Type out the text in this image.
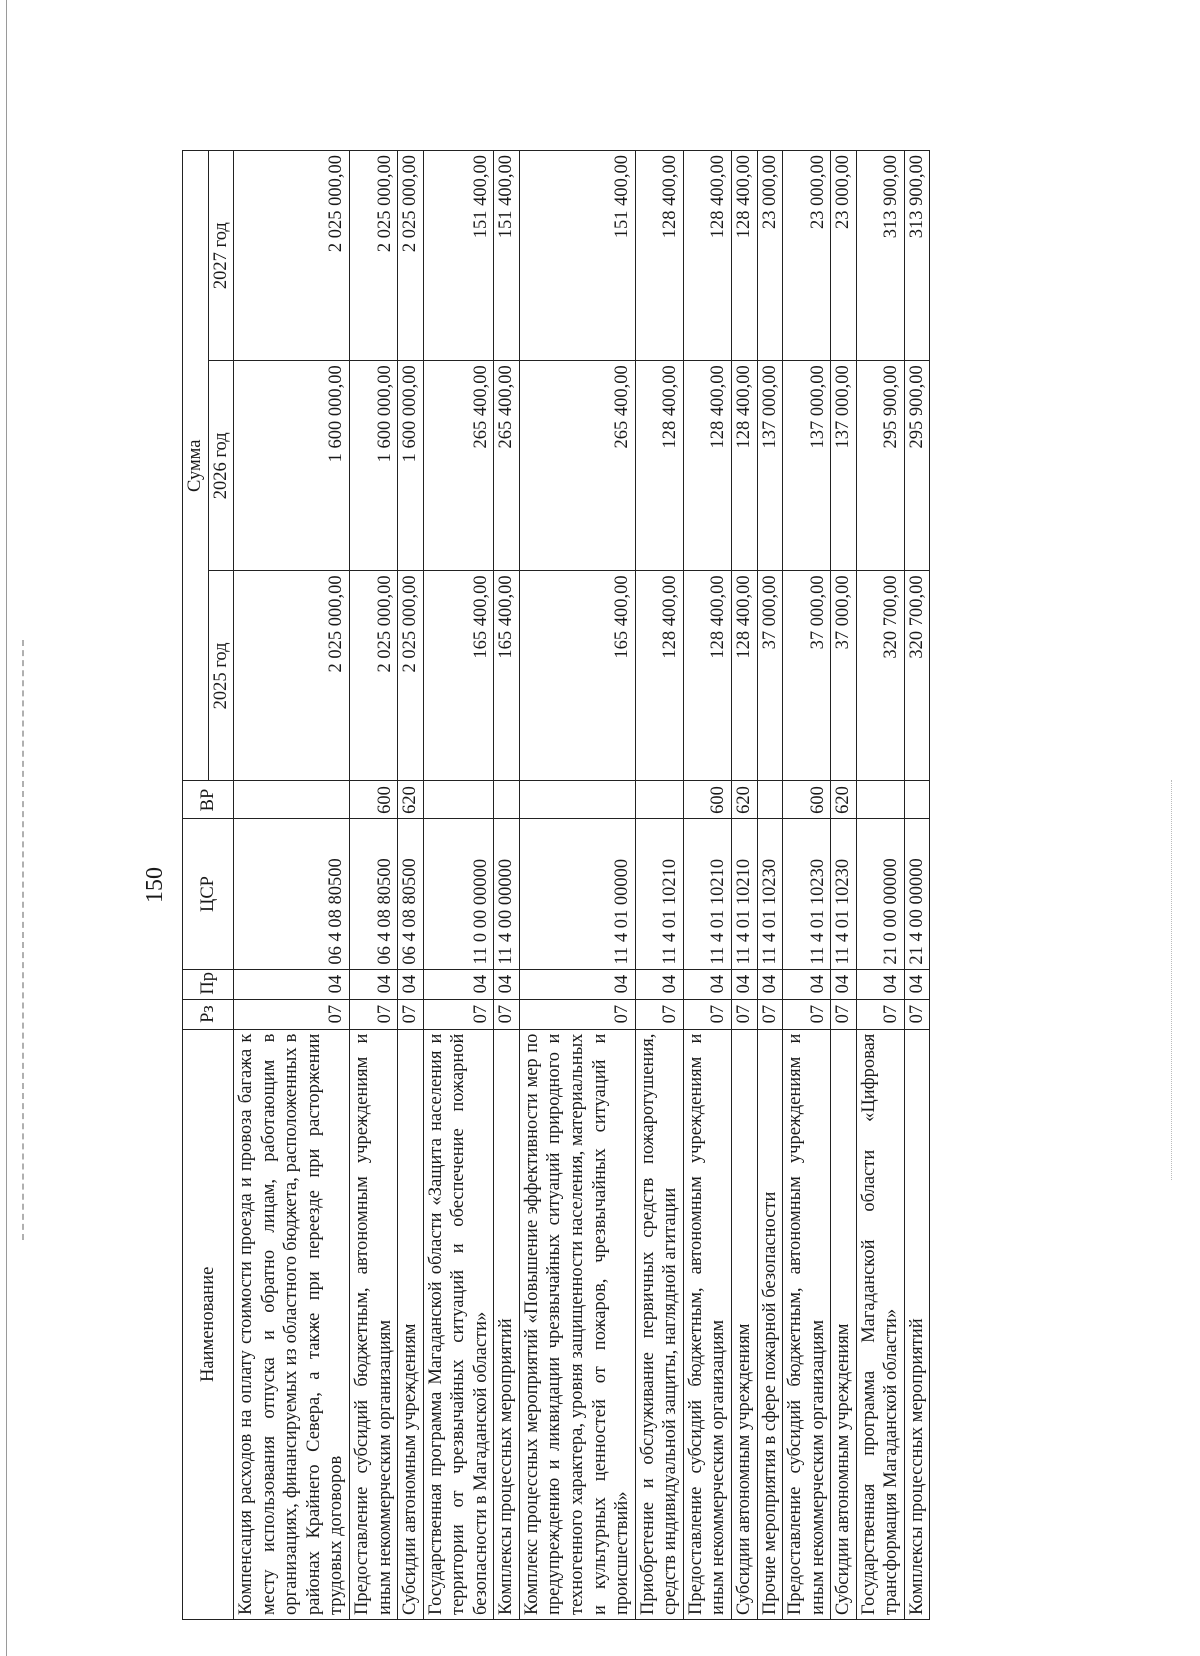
150
Наименование	Рз	Пр	ЦСР	ВР	Сумма		
					2025 год	2026 год	2027 год
Компенсация расходов на оплату стоимости проезда и провоза багажа к месту использования отпуска и обратно лицам, работающим в организациях, финансируемых из областного бюджета, расположенных в районах Крайнего Севера, а также при переезде при расторжении трудовых договоров	07	04	06 4 08 80500		2 025 000,00	1 600 000,00	2 025 000,00
Предоставление субсидий бюджетным, автономным учреждениям и иным некоммерческим организациям	07	04	06 4 08 80500	600	2 025 000,00	1 600 000,00	2 025 000,00
Субсидии автономным учреждениям	07	04	06 4 08 80500	620	2 025 000,00	1 600 000,00	2 025 000,00
Государственная программа Магаданской области «Защита населения и территории от чрезвычайных ситуаций и обеспечение пожарной безопасности в Магаданской области»	07	04	11 0 00 00000		165 400,00	265 400,00	151 400,00
Комплексы процессных мероприятий	07	04	11 4 00 00000		165 400,00	265 400,00	151 400,00
Комплекс процессных мероприятий «Повышение эффективности мер по предупреждению и ликвидации чрезвычайных ситуаций природного и техногенного характера, уровня защищенности населения, материальных и культурных ценностей от пожаров, чрезвычайных ситуаций и происшествий»	07	04	11 4 01 00000		165 400,00	265 400,00	151 400,00
Приобретение и обслуживание первичных средств пожаротушения, средств индивидуальной защиты, наглядной агитации	07	04	11 4 01 10210		128 400,00	128 400,00	128 400,00
Предоставление субсидий бюджетным, автономным учреждениям и иным некоммерческим организациям	07	04	11 4 01 10210	600	128 400,00	128 400,00	128 400,00
Субсидии автономным учреждениям	07	04	11 4 01 10210	620	128 400,00	128 400,00	128 400,00
Прочие мероприятия в сфере пожарной безопасности	07	04	11 4 01 10230		37 000,00	137 000,00	23 000,00
Предоставление субсидий бюджетным, автономным учреждениям и иным некоммерческим организациям	07	04	11 4 01 10230	600	37 000,00	137 000,00	23 000,00
Субсидии автономным учреждениям	07	04	11 4 01 10230	620	37 000,00	137 000,00	23 000,00
Государственная программа Магаданской области «Цифровая трансформация Магаданской области»	07	04	21 0 00 00000		320 700,00	295 900,00	313 900,00
Комплексы процессных мероприятий	07	04	21 4 00 00000		320 700,00	295 900,00	313 900,00
